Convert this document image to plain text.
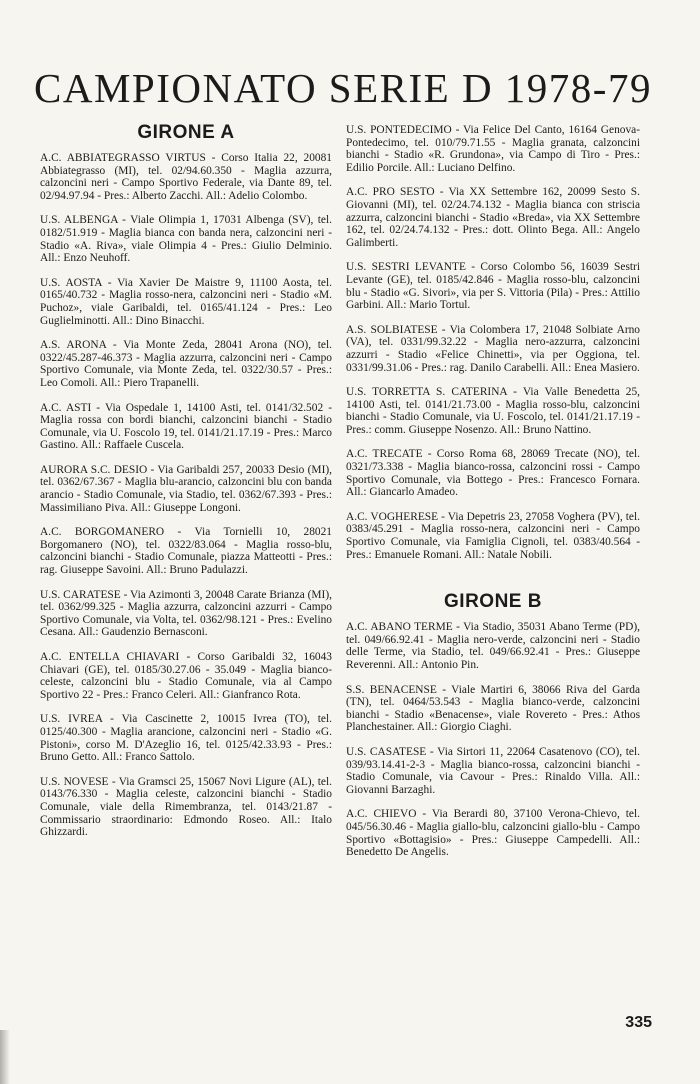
CAMPIONATO SERIE D 1978-79
GIRONE A
A.C. ABBIATEGRASSO VIRTUS - Corso Italia 22, 20081 Abbiategrasso (MI), tel. 02/94.60.350 - Maglia azzurra, calzoncini neri - Campo Sportivo Federale, via Dante 89, tel. 02/94.97.94 - Pres.: Alberto Zacchi. All.: Adelio Colombo.
U.S. ALBENGA - Viale Olimpia 1, 17031 Albenga (SV), tel. 0182/51.919 - Maglia bianca con banda nera, calzoncini neri - Stadio «A. Riva», viale Olimpia 4 - Pres.: Giulio Delminio. All.: Enzo Neuhoff.
U.S. AOSTA - Via Xavier De Maistre 9, 11100 Aosta, tel. 0165/40.732 - Maglia rosso-nera, calzoncini neri - Stadio «M. Puchoz», viale Garibaldi, tel. 0165/41.124 - Pres.: Leo Guglielminotti. All.: Dino Binacchi.
A.S. ARONA - Via Monte Zeda, 28041 Arona (NO), tel. 0322/45.287-46.373 - Maglia azzurra, calzoncini neri - Campo Sportivo Comunale, via Monte Zeda, tel. 0322/30.57 - Pres.: Leo Comoli. All.: Piero Trapanelli.
A.C. ASTI - Via Ospedale 1, 14100 Asti, tel. 0141/32.502 - Maglia rossa con bordi bianchi, calzoncini bianchi - Stadio Comunale, via U. Foscolo 19, tel. 0141/21.17.19 - Pres.: Marco Gastino. All.: Raffaele Cuscela.
AURORA S.C. DESIO - Via Garibaldi 257, 20033 Desio (MI), tel. 0362/67.367 - Maglia blu-arancio, calzoncini blu con banda arancio - Stadio Comunale, via Stadio, tel. 0362/67.393 - Pres.: Massimiliano Piva. All.: Giuseppe Longoni.
A.C. BORGOMANERO - Via Tornielli 10, 28021 Borgomanero (NO), tel. 0322/83.064 - Maglia rosso-blu, calzoncini bianchi - Stadio Comunale, piazza Matteotti - Pres.: rag. Giuseppe Savoini. All.: Bruno Padulazzi.
U.S. CARATESE - Via Azimonti 3, 20048 Carate Brianza (MI), tel. 0362/99.325 - Maglia azzurra, calzoncini azzurri - Campo Sportivo Comunale, via Volta, tel. 0362/98.121 - Pres.: Evelino Cesana. All.: Gaudenzio Bernasconi.
A.C. ENTELLA CHIAVARI - Corso Garibaldi 32, 16043 Chiavari (GE), tel. 0185/30.27.06 - 35.049 - Maglia bianco-celeste, calzoncini blu - Stadio Comunale, via al Campo Sportivo 22 - Pres.: Franco Celeri. All.: Gianfranco Rota.
U.S. IVREA - Via Cascinette 2, 10015 Ivrea (TO), tel. 0125/40.300 - Maglia arancione, calzoncini neri - Stadio «G. Pistoni», corso M. D'Azeglio 16, tel. 0125/42.33.93 - Pres.: Bruno Getto. All.: Franco Sattolo.
U.S. NOVESE - Via Gramsci 25, 15067 Novi Ligure (AL), tel. 0143/76.330 - Maglia celeste, calzoncini bianchi - Stadio Comunale, viale della Rimembranza, tel. 0143/21.87 - Commissario straordinario: Edmondo Roseo. All.: Italo Ghizzardi.
U.S. PONTEDECIMO - Via Felice Del Canto, 16164 Genova-Pontedecimo, tel. 010/79.71.55 - Maglia granata, calzoncini bianchi - Stadio «R. Grundona», via Campo di Tiro - Pres.: Edilio Porcile. All.: Luciano Delfino.
A.C. PRO SESTO - Via XX Settembre 162, 20099 Sesto S. Giovanni (MI), tel. 02/24.74.132 - Maglia bianca con striscia azzurra, calzoncini bianchi - Stadio «Breda», via XX Settembre 162, tel. 02/24.74.132 - Pres.: dott. Olinto Bega. All.: Angelo Galimberti.
U.S. SESTRI LEVANTE - Corso Colombo 56, 16039 Sestri Levante (GE), tel. 0185/42.846 - Maglia rosso-blu, calzoncini blu - Stadio «G. Sivori», via per S. Vittoria (Pila) - Pres.: Attilio Garbini. All.: Mario Tortul.
A.S. SOLBIATESE - Via Colombera 17, 21048 Solbiate Arno (VA), tel. 0331/99.32.22 - Maglia nero-azzurra, calzoncini azzurri - Stadio «Felice Chinetti», via per Oggiona, tel. 0331/99.31.06 - Pres.: rag. Danilo Carabelli. All.: Enea Masiero.
U.S. TORRETTA S. CATERINA - Via Valle Benedetta 25, 14100 Asti, tel. 0141/21.73.00 - Maglia rosso-blu, calzoncini bianchi - Stadio Comunale, via U. Foscolo, tel. 0141/21.17.19 - Pres.: comm. Giuseppe Nosenzo. All.: Bruno Nattino.
A.C. TRECATE - Corso Roma 68, 28069 Trecate (NO), tel. 0321/73.338 - Maglia bianco-rossa, calzoncini rossi - Campo Sportivo Comunale, via Bottego - Pres.: Francesco Fornara. All.: Giancarlo Amadeo.
A.C. VOGHERESE - Via Depetris 23, 27058 Voghera (PV), tel. 0383/45.291 - Maglia rosso-nera, calzoncini neri - Campo Sportivo Comunale, via Famiglia Cignoli, tel. 0383/40.564 - Pres.: Emanuele Romani. All.: Natale Nobili.
GIRONE B
A.C. ABANO TERME - Via Stadio, 35031 Abano Terme (PD), tel. 049/66.92.41 - Maglia nero-verde, calzoncini neri - Stadio delle Terme, via Stadio, tel. 049/66.92.41 - Pres.: Giuseppe Reverenni. All.: Antonio Pin.
S.S. BENACENSE - Viale Martiri 6, 38066 Riva del Garda (TN), tel. 0464/53.543 - Maglia bianco-verde, calzoncini bianchi - Stadio «Benacense», viale Rovereto - Pres.: Athos Planchestainer. All.: Giorgio Ciaghi.
U.S. CASATESE - Via Sirtori 11, 22064 Casatenovo (CO), tel. 039/93.14.41-2-3 - Maglia bianco-rossa, calzoncini bianchi - Stadio Comunale, via Cavour - Pres.: Rinaldo Villa. All.: Giovanni Barzaghi.
A.C. CHIEVO - Via Berardi 80, 37100 Verona-Chievo, tel. 045/56.30.46 - Maglia giallo-blu, calzoncini giallo-blu - Campo Sportivo «Bottagisio» - Pres.: Giuseppe Campedelli. All.: Benedetto De Angelis.
335
